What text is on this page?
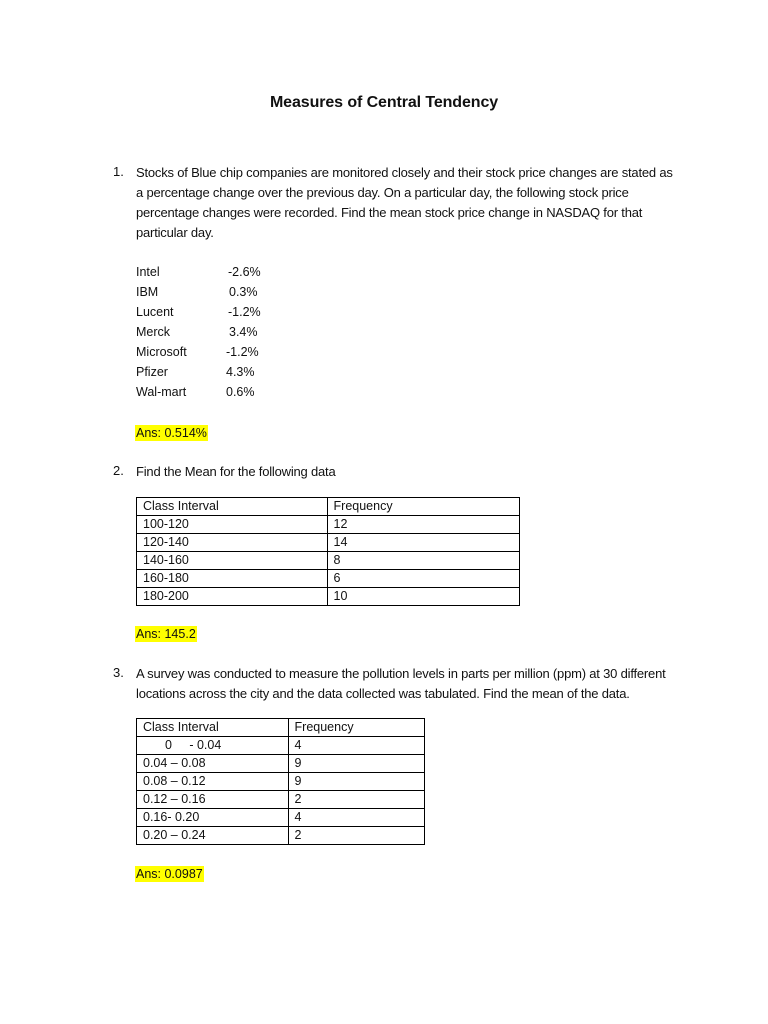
Measures of Central Tendency
1. Stocks of Blue chip companies are monitored closely and their stock price changes are stated as
a percentage change over the previous day. On a particular day, the following stock price
percentage changes were recorded. Find the mean stock price change in NASDAQ for that
particular day.
Intel	-2.6%
IBM	0.3%
Lucent	-1.2%
Merck	3.4%
Microsoft	-1.2%
Pfizer	4.3%
Wal-mart	0.6%
Ans: 0.514%
2. Find the Mean for the following data
Class Interval	Frequency
100-120	12
120-140	14
140-160	8
160-180	6
180-200	10
Ans: 145.2
3. A survey was conducted to measure the pollution levels in parts per million (ppm) at 30 different
locations across the city and the data collected was tabulated. Find the mean of the data.
Class Interval	Frequency
0     - 0.04	4
0.04 – 0.08	9
0.08 – 0.12	9
0.12 – 0.16	2
0.16- 0.20	4
0.20 – 0.24	2
Ans: 0.0987
